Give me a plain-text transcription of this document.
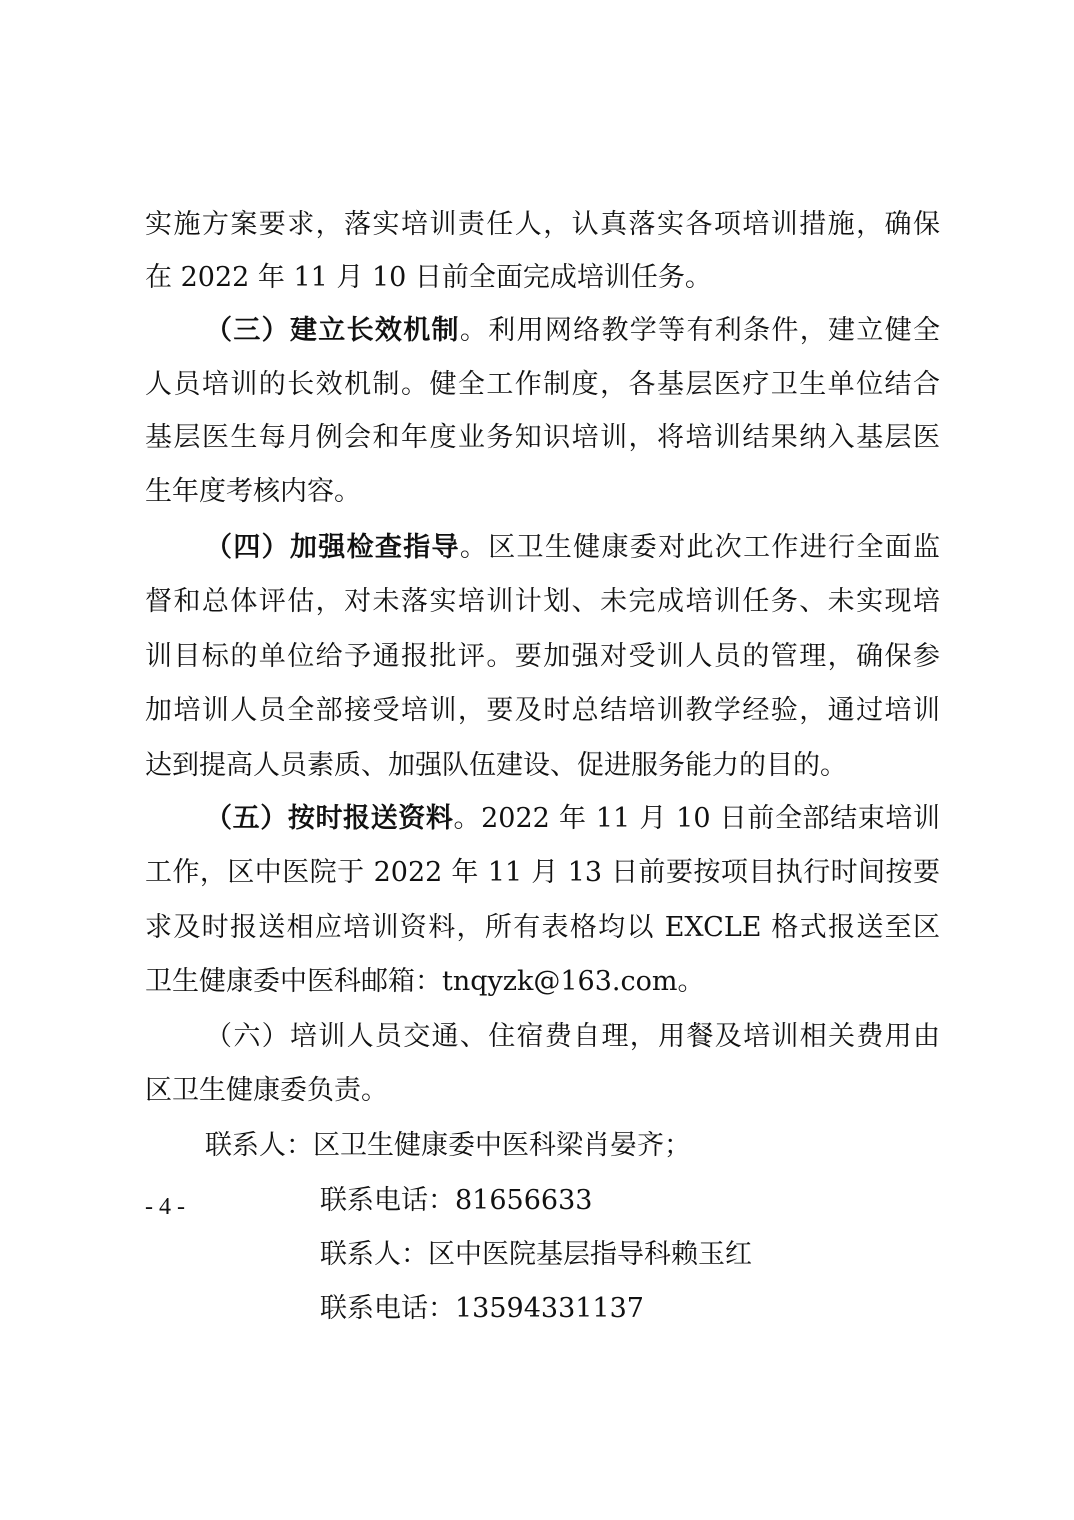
实施方案要求，落实培训责任人，认真落实各项培训措施，确保
在 2022 年 11 月 10 日前全面完成培训任务。
（三）建立长效机制。利用网络教学等有利条件，建立健全
人员培训的长效机制。健全工作制度，各基层医疗卫生单位结合
基层医生每月例会和年度业务知识培训，将培训结果纳入基层医
生年度考核内容。
（四）加强检查指导。区卫生健康委对此次工作进行全面监
督和总体评估，对未落实培训计划、未完成培训任务、未实现培
训目标的单位给予通报批评。要加强对受训人员的管理，确保参
加培训人员全部接受培训，要及时总结培训教学经验，通过培训
达到提高人员素质、加强队伍建设、促进服务能力的目的。
（五）按时报送资料。2022 年 11 月 10 日前全部结束培训
工作，区中医院于 2022 年 11 月 13 日前要按项目执行时间按要
求及时报送相应培训资料，所有表格均以 EXCLE 格式报送至区
卫生健康委中医科邮箱：tnqyzk@163.com。
（六）培训人员交通、住宿费自理，用餐及培训相关费用由
区卫生健康委负责。
联系人：区卫生健康委中医科梁肖晏齐；
联系电话：81656633
联系人：区中医院基层指导科赖玉红
联系电话：13594331137
- 4 -
